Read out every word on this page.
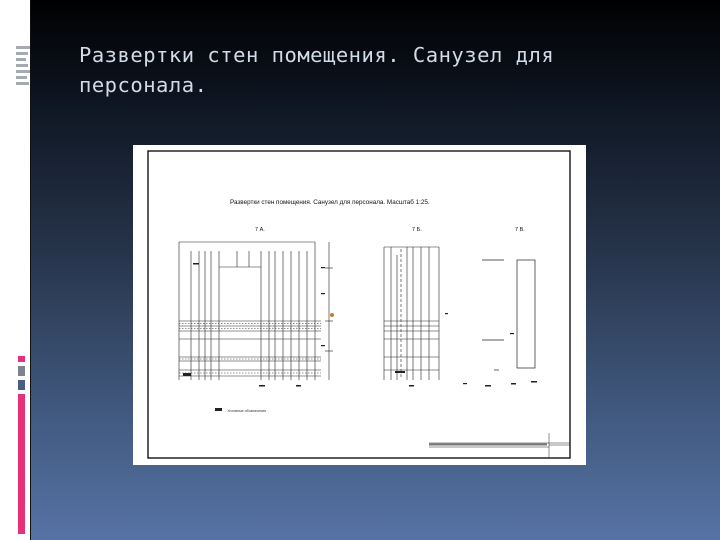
Развертки стен помещения. Санузел для персонала.
Развертки стен помещения. Санузел для персонала. Масштаб 1:25.
7 А.	7 Б.	7 В.
- Условные обозначения
